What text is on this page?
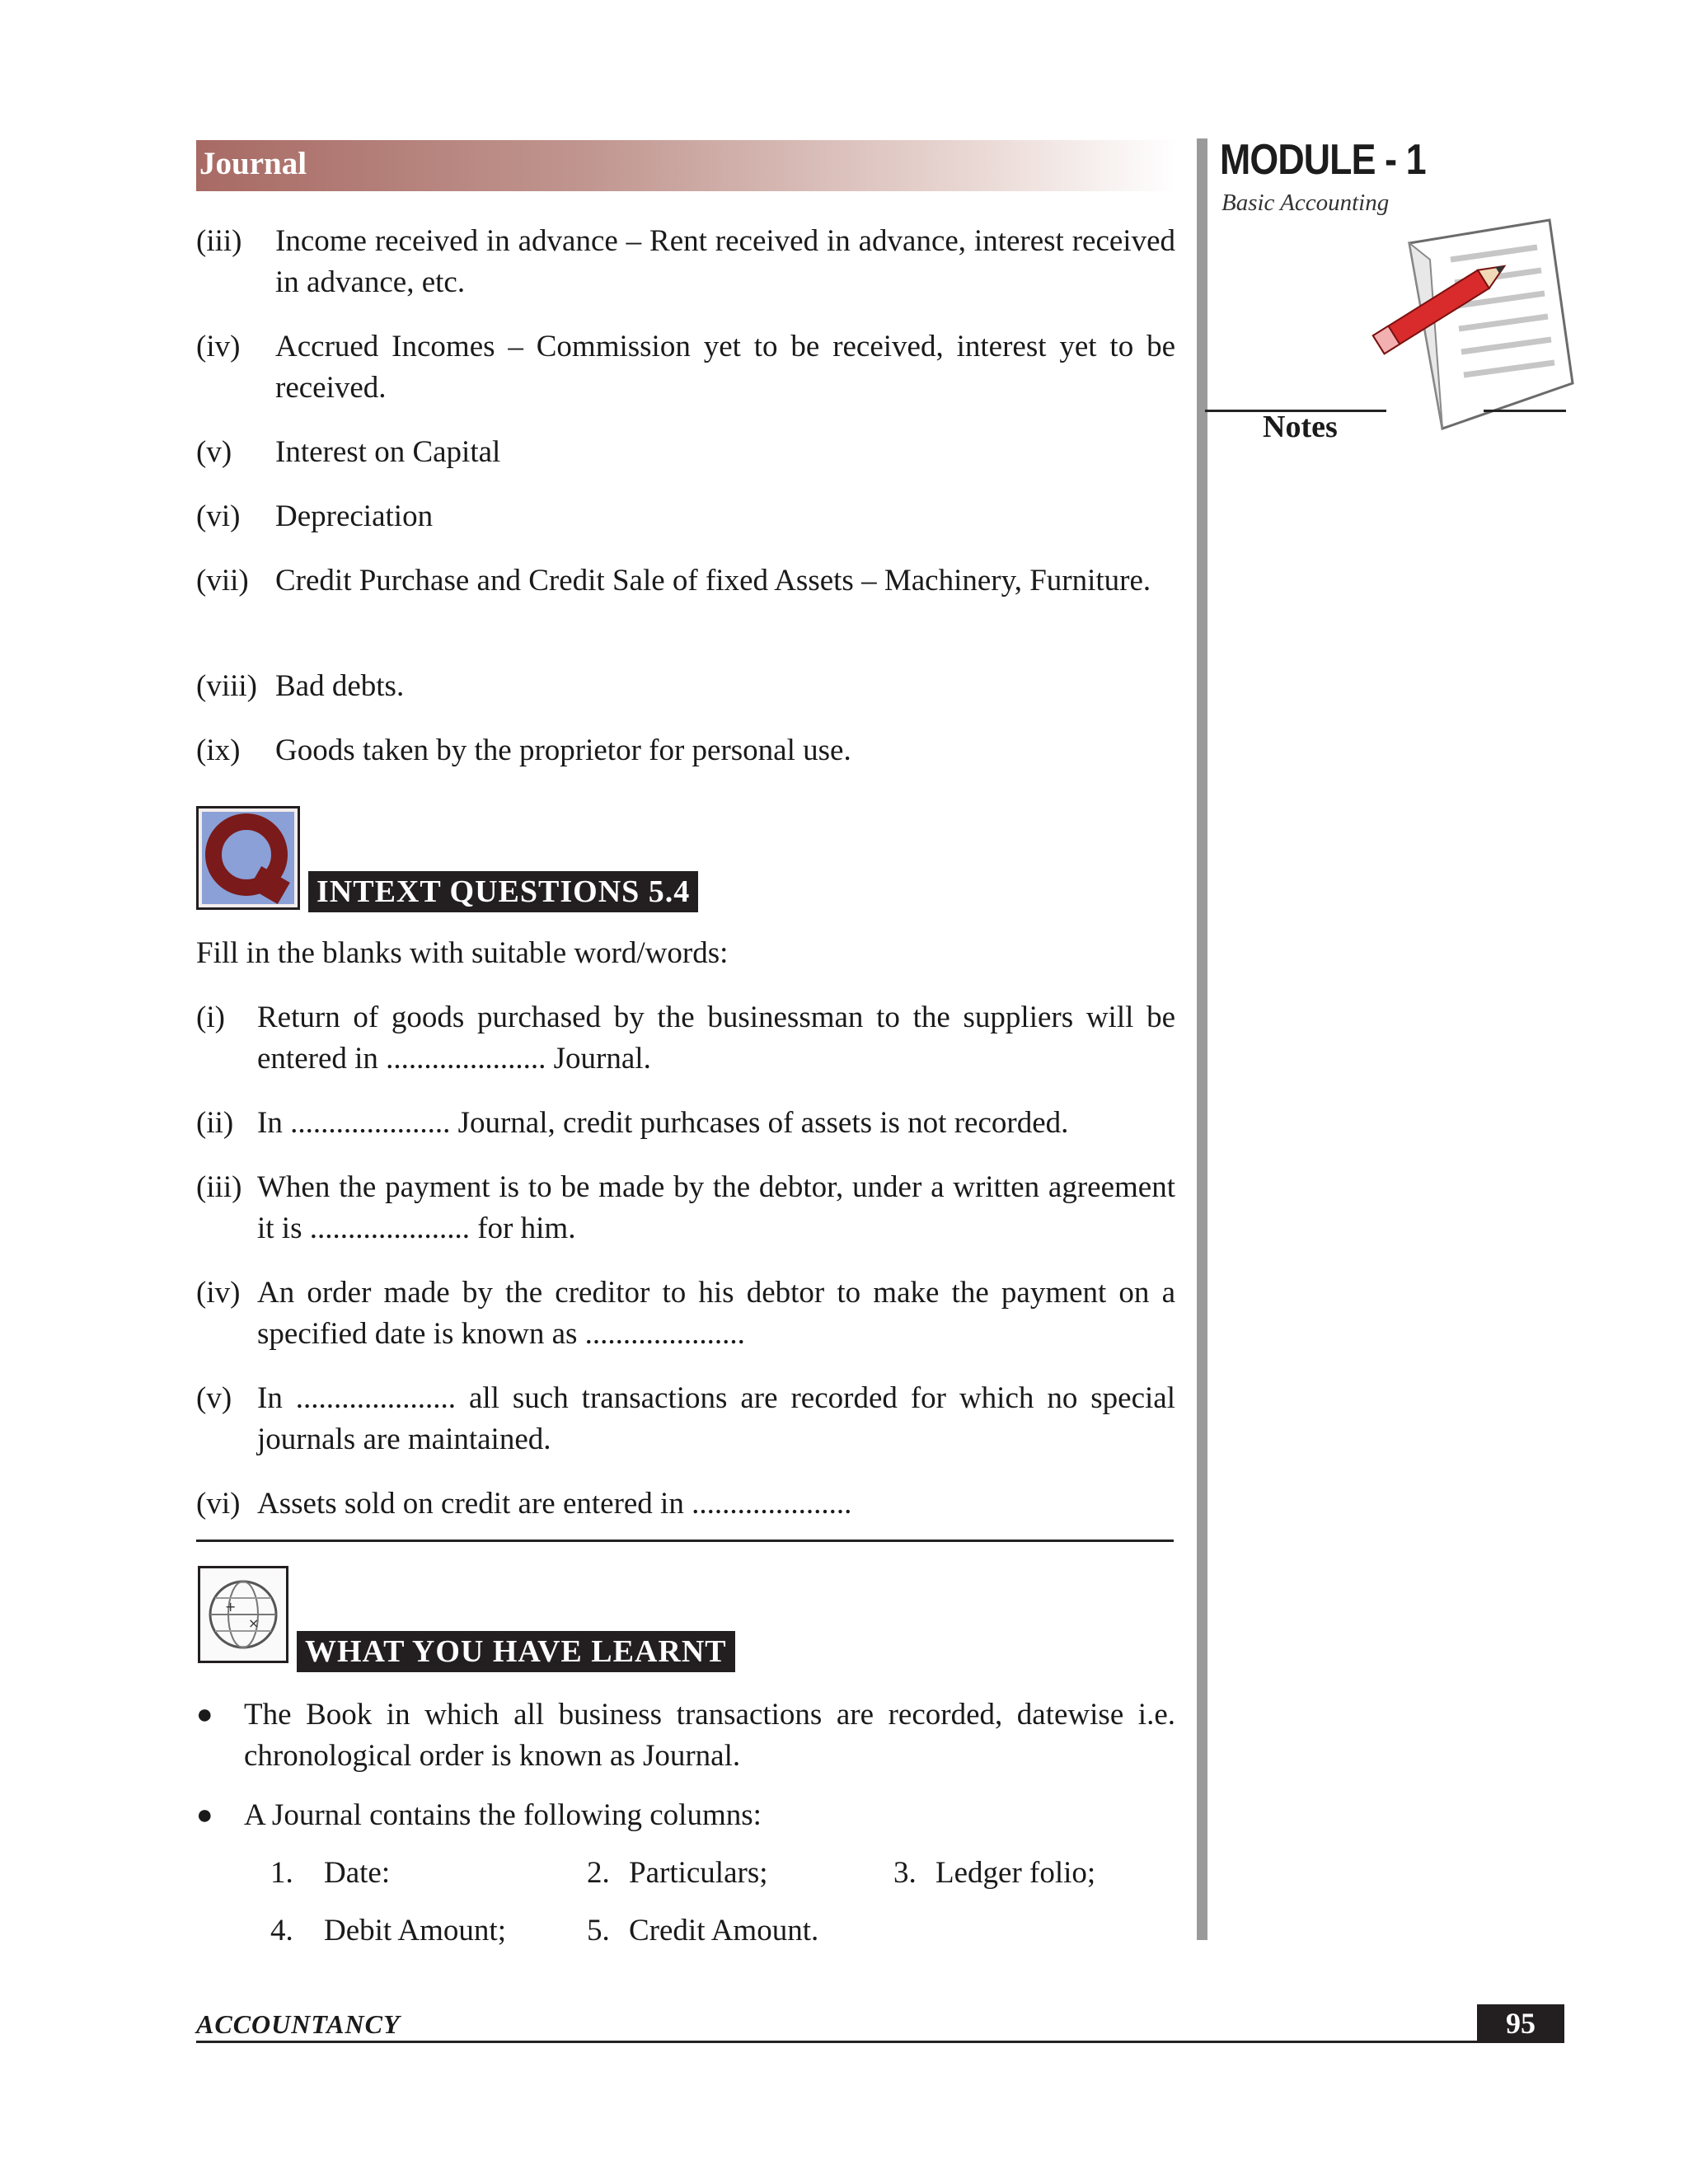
Journal	MODULE - 1
Basic Accounting
Notes
(iii) Income received in advance – Rent received in advance, interest received in advance, etc.
(iv) Accrued Incomes – Commission yet to be received, interest yet to be received.
(v) Interest on Capital
(vi) Depreciation
(vii) Credit Purchase and Credit Sale of fixed Assets – Machinery, Furniture.
(viii) Bad debts.
(ix) Goods taken by the proprietor for personal use.
INTEXT QUESTIONS 5.4
Fill in the blanks with suitable word/words:
(i) Return of goods purchased by the businessman to the suppliers will be entered in ..................... Journal.
(ii) In ..................... Journal, credit purhcases of assets is not recorded.
(iii) When the payment is to be made by the debtor, under a written agreement it is ..................... for him.
(iv) An order made by the creditor to his debtor to make the payment on a specified date is known as .....................
(v) In ..................... all such transactions are recorded for which no special journals are maintained.
(vi) Assets sold on credit are entered in .....................
+
×
WHAT YOU HAVE LEARNT
● The Book in which all business transactions are recorded, datewise i.e. chronological order is known as Journal.
● A Journal contains the following columns:
1. Date:	2. Particulars;	3. Ledger folio;
4. Debit Amount;	5. Credit Amount.
ACCOUNTANCY	95
